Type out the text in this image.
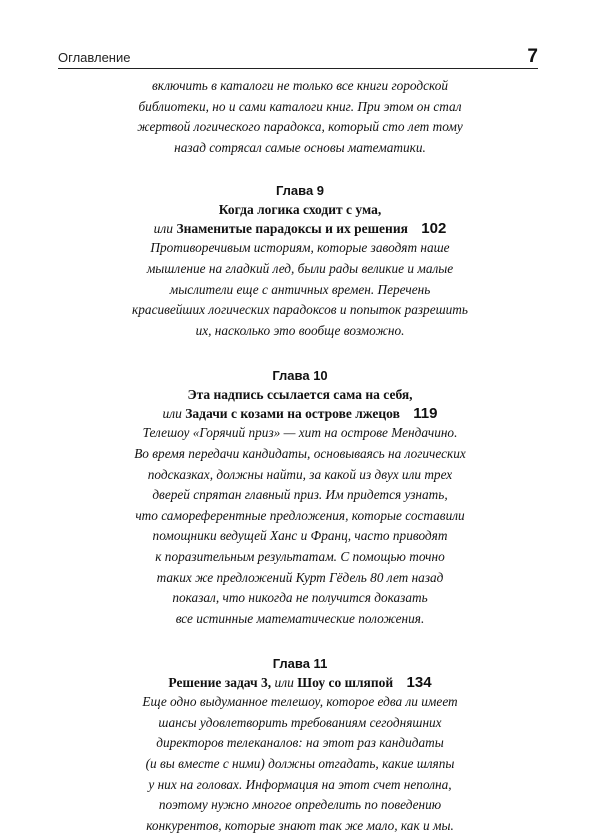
Оглавление	7

включить в каталоги не только все книги городской
библиотеки, но и сами каталоги книг. При этом он стал
жертвой логического парадокса, который сто лет тому
назад сотрясал самые основы математики.

Глава 9
Когда логика сходит с ума,
или Знаменитые парадоксы и их решения 102

Противоречивым историям, которые заводят наше
мышление на гладкий лед, были рады великие и малые
мыслители еще с античных времен. Перечень
красивейших логических парадоксов и попыток разрешить
их, насколько это вообще возможно.

Глава 10
Эта надпись ссылается сама на себя,
или Задачи с козами на острове лжецов 119

Телешоу «Горячий приз» — хит на острове Мендачино.
Во время передачи кандидаты, основываясь на логических
подсказках, должны найти, за какой из двух или трех
дверей спрятан главный приз. Им придется узнать,
что самореферентные предложения, которые составили
помощники ведущей Ханс и Франц, часто приводят
к поразительным результатам. С помощью точно
таких же предложений Курт Гёдель 80 лет назад
показал, что никогда не получится доказать
все истинные математические положения.

Глава 11
Решение задач 3, или Шоу со шляпой 134

Еще одно выдуманное телешоу, которое едва ли имеет
шансы удовлетворить требованиям сегодняшних
директоров телеканалов: на этот раз кандидаты
(и вы вместе с ними) должны отгадать, какие шляпы
у них на головах. Информация на этот счет неполна,
поэтому нужно многое определить по поведению
конкурентов, которые знают так же мало, как и мы.
